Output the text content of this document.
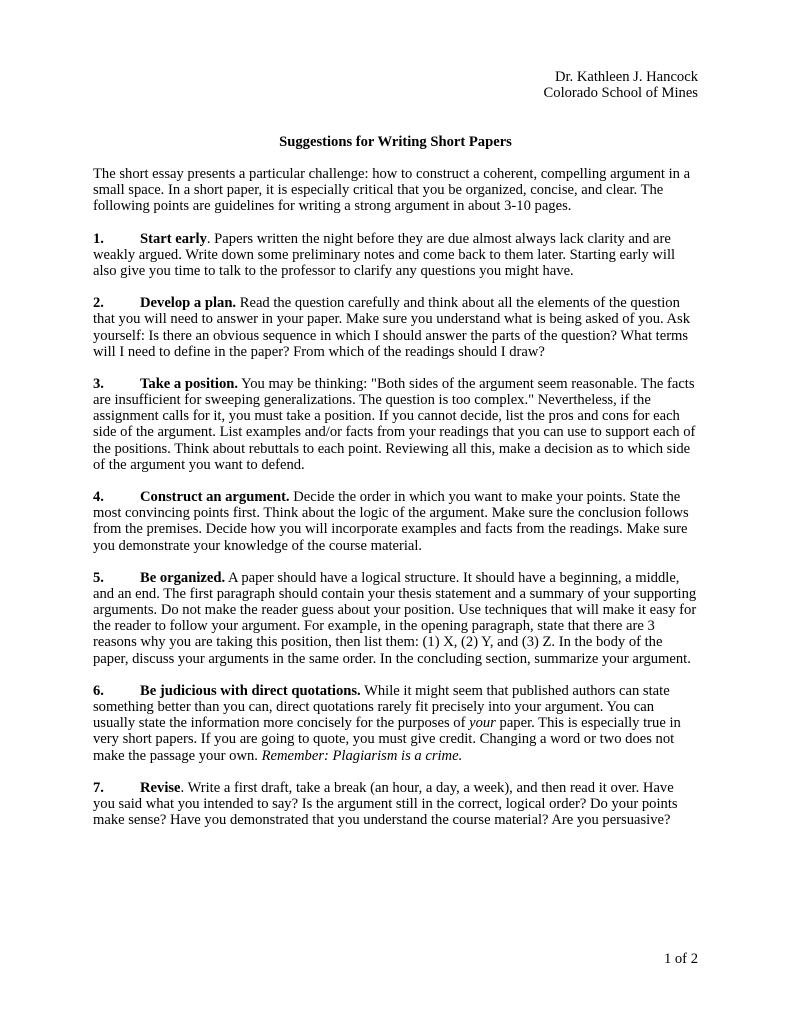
Dr. Kathleen J. Hancock
Colorado School of Mines
Suggestions for Writing Short Papers

The short essay presents a particular challenge: how to construct a coherent, compelling argument in a small space. In a short paper, it is especially critical that you be organized, concise, and clear. The following points are guidelines for writing a strong argument in about 3-10 pages.

1. Start early. Papers written the night before they are due almost always lack clarity and are weakly argued. Write down some preliminary notes and come back to them later. Starting early will also give you time to talk to the professor to clarify any questions you might have.

2. Develop a plan. Read the question carefully and think about all the elements of the question that you will need to answer in your paper. Make sure you understand what is being asked of you. Ask yourself: Is there an obvious sequence in which I should answer the parts of the question? What terms will I need to define in the paper? From which of the readings should I draw?

3. Take a position. You may be thinking: "Both sides of the argument seem reasonable. The facts are insufficient for sweeping generalizations. The question is too complex." Nevertheless, if the assignment calls for it, you must take a position. If you cannot decide, list the pros and cons for each side of the argument. List examples and/or facts from your readings that you can use to support each of the positions. Think about rebuttals to each point. Reviewing all this, make a decision as to which side of the argument you want to defend.

4. Construct an argument. Decide the order in which you want to make your points. State the most convincing points first. Think about the logic of the argument. Make sure the conclusion follows from the premises. Decide how you will incorporate examples and facts from the readings. Make sure you demonstrate your knowledge of the course material.

5. Be organized. A paper should have a logical structure. It should have a beginning, a middle, and an end. The first paragraph should contain your thesis statement and a summary of your supporting arguments. Do not make the reader guess about your position. Use techniques that will make it easy for the reader to follow your argument. For example, in the opening paragraph, state that there are 3 reasons why you are taking this position, then list them: (1) X, (2) Y, and (3) Z. In the body of the paper, discuss your arguments in the same order. In the concluding section, summarize your argument.

6. Be judicious with direct quotations. While it might seem that published authors can state something better than you can, direct quotations rarely fit precisely into your argument. You can usually state the information more concisely for the purposes of your paper. This is especially true in very short papers. If you are going to quote, you must give credit. Changing a word or two does not make the passage your own. Remember: Plagiarism is a crime.

7. Revise. Write a first draft, take a break (an hour, a day, a week), and then read it over. Have you said what you intended to say? Is the argument still in the correct, logical order? Do your points make sense? Have you demonstrated that you understand the course material? Are you persuasive?

1 of 2
